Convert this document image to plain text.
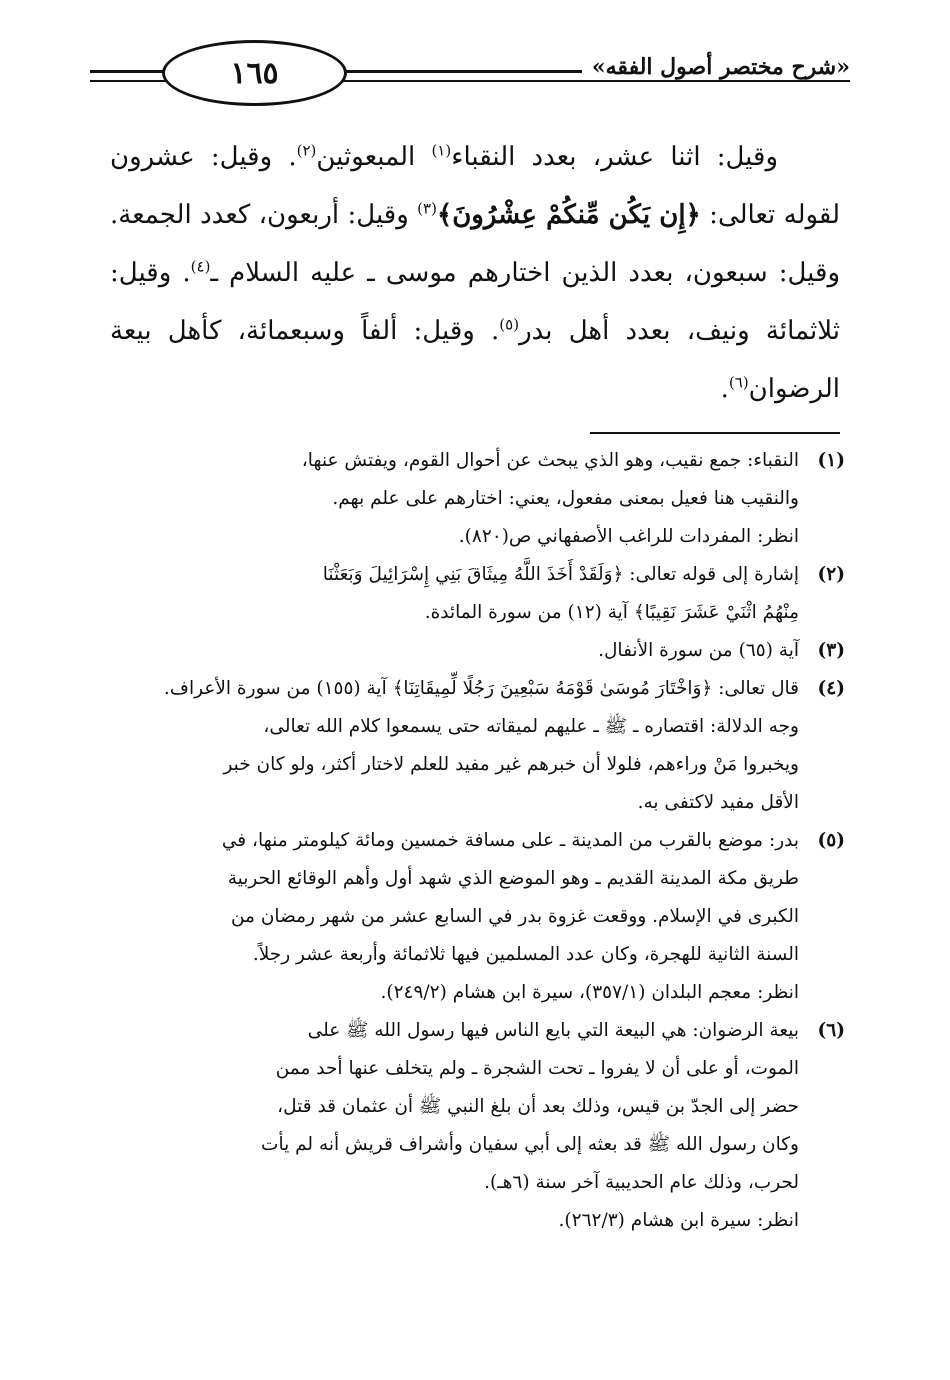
«شرح مختصر أصول الفقه»
١٦٥

وقيل: اثنا عشر، بعدد النقباء$^{(١)}$ المبعوثين$^{(٢)}$. وقيل: عشرون لقوله تعالى: ﴿إِن يَكُن مِّنكُمْ عِشْرُونَ﴾$^{(٣)}$ وقيل: أربعون، كعدد الجمعة. وقيل: سبعون، بعدد الذين اختارهم موسى ـ عليه السلام ـ$^{(٤)}$. وقيل: ثلاثمائة ونيف، بعدد أهل بدر$^{(٥)}$. وقيل: ألفاً وسبعمائة، كأهل بيعة الرضوان$^{(٦)}$.

(١)
النقباء: جمع نقيب، وهو الذي يبحث عن أحوال القوم، ويفتش عنها،
والنقيب هنا فعيل بمعنى مفعول، يعني: اختارهم على علم بهم.
انظر: المفردات للراغب الأصفهاني ص(٨٢٠).
(٢)
إشارة إلى قوله تعالى: ﴿وَلَقَدْ أَخَذَ اللَّهُ مِيثَاقَ بَنِي إِسْرَائِيلَ وَبَعَثْنَا
مِنْهُمُ اثْنَيْ عَشَرَ نَقِيبًا﴾ آية (١٢) من سورة المائدة.
(٣)
آية (٦٥) من سورة الأنفال.
(٤)
قال تعالى: ﴿وَاخْتَارَ مُوسَىٰ قَوْمَهُ سَبْعِينَ رَجُلًا لِّمِيقَاتِنَا﴾ آية (١٥٥) من سورة الأعراف.
وجه الدلالة: اقتصاره ـ ﷺ ـ عليهم لميقاته حتى يسمعوا كلام الله تعالى،
ويخبروا مَنْ وراءهم، فلولا أن خبرهم غير مفيد للعلم لاختار أكثر، ولو كان خبر
الأقل مفيد لاكتفى به.
(٥)
بدر: موضع بالقرب من المدينة ـ على مسافة خمسين ومائة كيلومتر منها، في
طريق مكة المدينة القديم ـ وهو الموضع الذي شهد أول وأهم الوقائع الحربية
الكبرى في الإسلام. ووقعت غزوة بدر في السابع عشر من شهر رمضان من
السنة الثانية للهجرة، وكان عدد المسلمين فيها ثلاثمائة وأربعة عشر رجلاً.
انظر: معجم البلدان (٣٥٧/١)، سيرة ابن هشام (٢٤٩/٢).
(٦)
بيعة الرضوان: هي البيعة التي بايع الناس فيها رسول الله ﷺ على
الموت، أو على أن لا يفروا ـ تحت الشجرة ـ ولم يتخلف عنها أحد ممن
حضر إلى الجدّ بن قيس، وذلك بعد أن بلغ النبي ﷺ أن عثمان قد قتل،
وكان رسول الله ﷺ قد بعثه إلى أبي سفيان وأشراف قريش أنه لم يأت
لحرب، وذلك عام الحديبية آخر سنة (٦هـ).
انظر: سيرة ابن هشام (٢٦٢/٣).
